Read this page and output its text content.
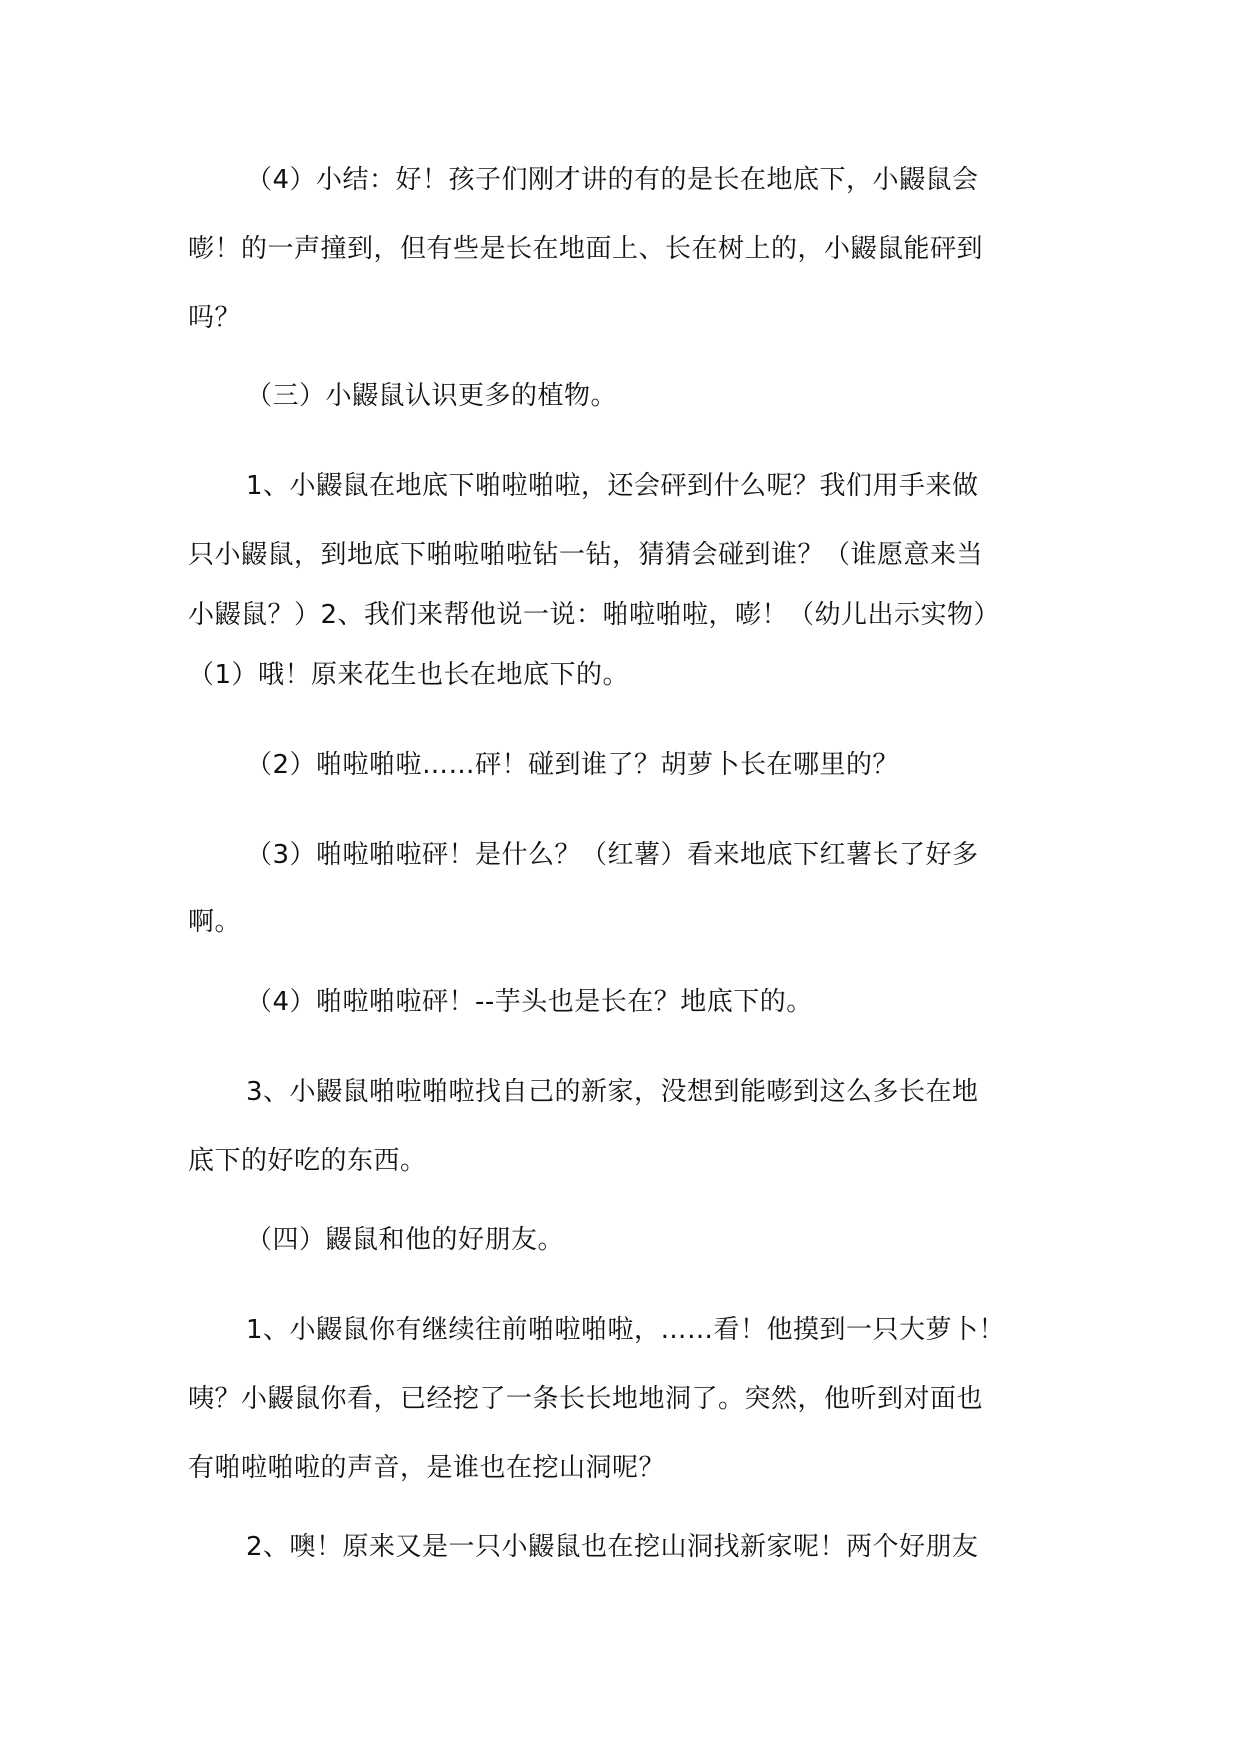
（4）小结：好！孩子们刚才讲的有的是长在地底下，小鼹鼠会
嘭！的一声撞到，但有些是长在地面上、长在树上的，小鼹鼠能砰到
吗？
（三）小鼹鼠认识更多的植物。
1、小鼹鼠在地底下啪啦啪啦，还会砰到什么呢？我们用手来做
只小鼹鼠，到地底下啪啦啪啦钻一钻，猜猜会碰到谁？（谁愿意来当
小鼹鼠？）2、我们来帮他说一说：啪啦啪啦，嘭！（幼儿出示实物）
（1）哦！原来花生也长在地底下的。
（2）啪啦啪啦……砰！碰到谁了？胡萝卜长在哪里的？
（3）啪啦啪啦砰！是什么？（红薯）看来地底下红薯长了好多
啊。
（4）啪啦啪啦砰！--芋头也是长在？地底下的。
3、小鼹鼠啪啦啪啦找自己的新家，没想到能嘭到这么多长在地
底下的好吃的东西。
（四）鼹鼠和他的好朋友。
1、小鼹鼠你有继续往前啪啦啪啦，……看！他摸到一只大萝卜！
咦？小鼹鼠你看，已经挖了一条长长地地洞了。突然，他听到对面也
有啪啦啪啦的声音，是谁也在挖山洞呢？
2、噢！原来又是一只小鼹鼠也在挖山洞找新家呢！两个好朋友
